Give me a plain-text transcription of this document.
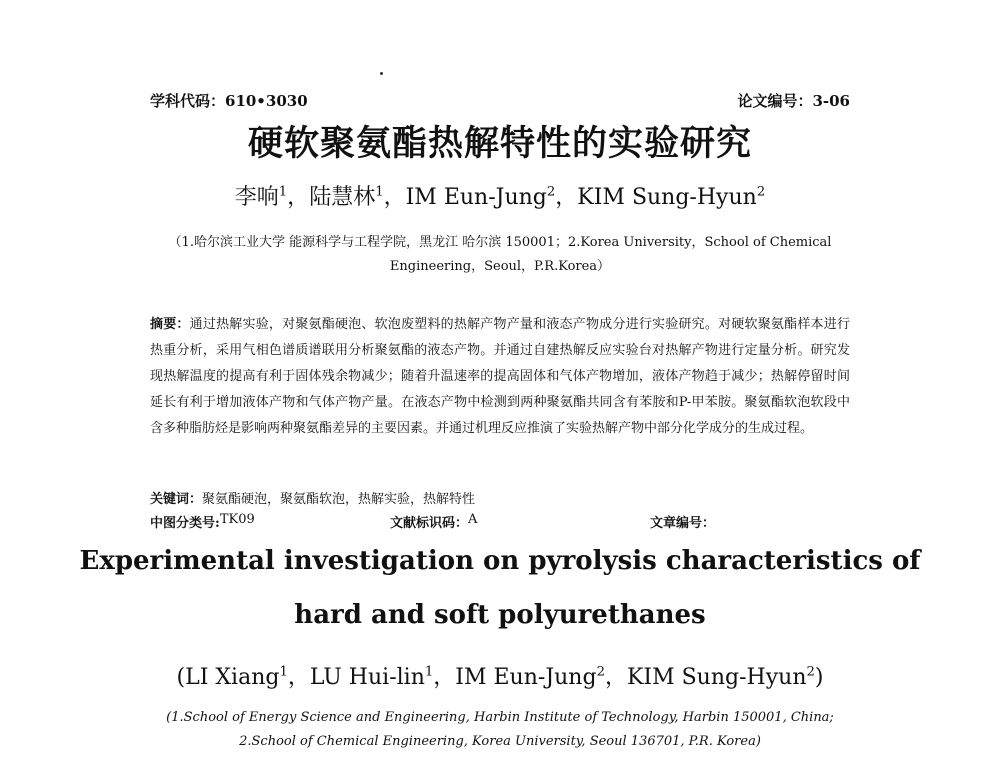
学科代码：610•3030	论文编号：3-06
硬软聚氨酯热解特性的实验研究
李响$^1$，陆慧林$^1$，IM Eun-Jung$^2$，KIM Sung-Hyun$^2$
（1.哈尔滨工业大学 能源科学与工程学院，黑龙江 哈尔滨 150001；2.Korea University，School of Chemical Engineering，Seoul，P.R.Korea）
摘要：通过热解实验，对聚氨酯硬泡、软泡废塑料的热解产物产量和液态产物成分进行实验研究。对硬软聚氨酯样本进行热重分析，采用气相色谱质谱联用分析聚氨酯的液态产物。并通过自建热解反应实验台对热解产物进行定量分析。研究发现热解温度的提高有利于固体残余物减少；随着升温速率的提高固体和气体产物增加，液体产物趋于减少；热解停留时间延长有利于增加液体产物和气体产物产量。在液态产物中检测到两种聚氨酯共同含有苯胺和P-甲苯胺。聚氨酯软泡软段中含多种脂肪烃是影响两种聚氨酯差异的主要因素。并通过机理反应推演了实验热解产物中部分化学成分的生成过程。
关键词：聚氨酯硬泡，聚氨酯软泡，热解实验，热解特性
中图分类号: TK09	文献标识码： A	文章编号：
Experimental investigation on pyrolysis characteristics of
hard and soft polyurethanes
(LI Xiang$^1$，LU Hui-lin$^1$，IM Eun-Jung$^2$，KIM Sung-Hyun$^2$)
(1.School of Energy Science and Engineering, Harbin Institute of Technology, Harbin 150001, China;
2.School of Chemical Engineering, Korea University, Seoul 136701, P.R. Korea)
